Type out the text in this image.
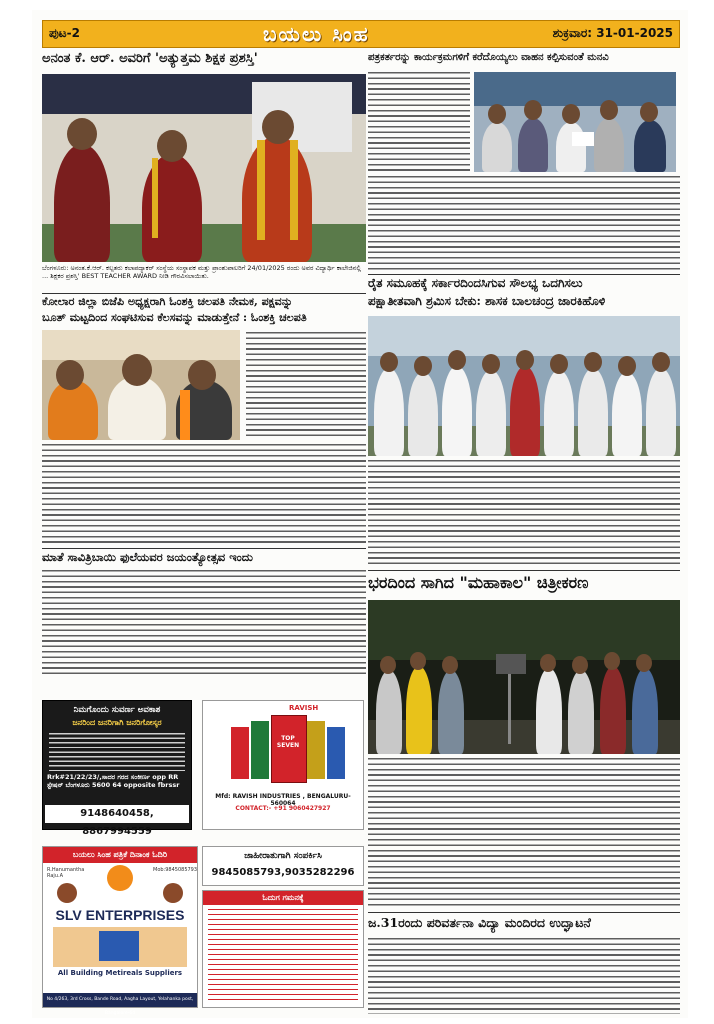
ಪುಟ-2	ಬಯಲು ಸಿಂಹ	ಶುಕ್ರವಾರ: 31-01-2025
ಅನಂತ ಕೆ. ಆರ್. ಅವರಿಗೆ 'ಅತ್ಯುತ್ತಮ ಶಿಕ್ಷಕ ಪ್ರಶಸ್ತಿ'
ಬೆಂಗಳೂರು: ಅನಂತ.ಕೆ.ಆರ್. ಕಲ್ಪತರು ಕಲಾಪದ್ಯಾಕರ್ ಸಂಸ್ಥೆಯ ಸಂಸ್ಥಾಪಕ ಮತ್ತು ಪ್ರಾಂಶುಪಾಲರಿಗೆ 24/01/2025 ರಂದು ಅವರ ವಿದ್ಯಾರ್ಥಿ ಕಾಲೇಜಿನಲ್ಲಿ ... ಶಿಕ್ಷಕರ ಪ್ರಶಸ್ತಿ' BEST TEACHER AWARD ನೀಡಿ ಗೌರವಿಸಲಾಯಿತು.
ಕೋಲಾರ ಜಿಲ್ಲಾ ಬಿಜೆಪಿ ಅಧ್ಯಕ್ಷರಾಗಿ ಓಂಶಕ್ತಿ ಚಲಪತಿ ನೇಮಕ, ಪಕ್ಷವನ್ನು
ಬೂತ್ ಮಟ್ಟದಿಂದ ಸಂಘಟಿಸುವ ಕೆಲಸವನ್ನು ಮಾಡುತ್ತೇನೆ : ಓಂಶಕ್ತಿ ಚಲಪತಿ
ಮಾತೆ ಸಾವಿತ್ರಿಬಾಯಿ ಫುಲೆಯವರ ಜಯಂತ್ಯೋತ್ಸವ ಇಂದು
ನಿಮಗೊಂದು ಸುವರ್ಣ ಅವಕಾಶ
ಜನರಿಂದ ಜನರಿಗಾಗಿ ಜನರಿಗೋಸ್ಕರ
Rrk#21/22/23/,ಸಾದರ ಗರದ ಸಂಕೀರ್ಣ opp RR ಸ್ಟೇಷನ್ ಬೆಂಗಳೂರು 5600 64 opposite fbrssr
9148640458, 8867994559
RAVISH
TOP SEVEN
Mfd: RAVISH INDUSTRIES , BENGALURU-560064
CONTACT:- +91 9060427927
ಬಯಲು ಸಿಂಹ ಪತ್ರಿಕೆ ದಿನಾಂಕ ಓದಿರಿ
R.Hanumantha Raju.A
Mob:9845085793
SLV ENTERPRISES
All Building Metireals Suppliers
No 4/263, 3rd Cross, Bande Road, Aagha Layout, Yelahanka post, Bangalore-64
ಜಾಹೀರಾತುಗಾಗಿ ಸಂಪರ್ಕಿಸಿ
9845085793,9035282296
ಓದುಗ ಗಮನಕ್ಕೆ
ಪತ್ರಕರ್ತರನ್ನು ಕಾರ್ಯಕ್ರಮಗಳಿಗೆ ಕರೆದೊಯ್ಯಲು ವಾಹನ ಕಲ್ಪಿಸುವಂತೆ ಮನವಿ
ರೈತ ಸಮೂಹಕ್ಕೆ ಸರ್ಕಾರದಿಂದಸಿಗುವ ಸೌಲಭ್ಯ ಒದಗಿಸಲು
ಪಕ್ಷಾತೀತವಾಗಿ ಶ್ರಮಿಸ ಬೇಕು: ಶಾಸಕ ಬಾಲಚಂದ್ರ ಜಾರಕಿಹೊಳಿ
ಭರದಿಂದ ಸಾಗಿದ "ಮಹಾಕಾಲ" ಚಿತ್ರೀಕರಣ
ಜ.31ರಂದು ಪರಿವರ್ತನಾ ವಿದ್ಯಾ ಮಂದಿರದ ಉದ್ಘಾಟನೆ
